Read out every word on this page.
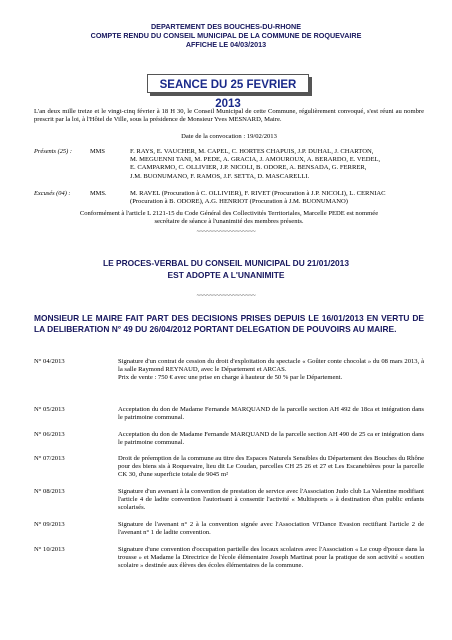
DEPARTEMENT DES BOUCHES-DU-RHONE
COMPTE RENDU DU CONSEIL MUNICIPAL DE LA COMMUNE DE ROQUEVAIRE
AFFICHE LE 04/03/2013
SEANCE DU 25 FEVRIER 2013
L'an deux mille treize et le vingt-cinq février à 18 H 30, le Conseil Municipal de cette Commune, régulièrement convoqué, s'est réuni au nombre prescrit par la loi, à l'Hôtel de Ville, sous la présidence de Monsieur Yves MESNARD, Maire.
Date de la convocation : 19/02/2013
Présents (25) :	MMS	F. RAYS, E. VAUCHER, M. CAPEL, C. HORTES CHAPUIS, J.P. DUHAL, J. CHARTON,
M. MEGUENNI TANI, M. PEDE, A. GRACIA, J. AMOUROUX, A. BERARDO, E. VEDEL,
E. CAMPARMO, C. OLLIVIER, J.P. NICOLI, B. ODORE, A. BENSADA, G. FERRER,
J.M. BUONUMANO, F. RAMOS, J.F. SETTA, D. MASCARELLI.
Excusés (04) :	MMS.	M. RAVEL (Procuration à C. OLLIVIER), F. RIVET (Procuration à J.P. NICOLI), L. CERNIAC
(Procuration à B. ODORE), A.G. HENRIOT (Procuration à J.M. BUONUMANO)
Conformément à l'article L 2121-15 du Code Général des Collectivités Territoriales, Marcelle PEDE est nommée
secrétaire de séance à l'unanimité des membres présents.
~~~~~~~~~~~~~~~~~~
LE PROCES-VERBAL DU CONSEIL MUNICIPAL DU 21/01/2013
EST ADOPTE A L'UNANIMITE
~~~~~~~~~~~~~~~~~~
MONSIEUR LE MAIRE FAIT PART DES DECISIONS PRISES DEPUIS LE 16/01/2013 EN VERTU DE LA DELIBERATION N° 49 DU 26/04/2012 PORTANT DELEGATION DE POUVOIRS AU MAIRE.
N° 04/2013	Signature d'un contrat de cession du droit d'exploitation du spectacle « Goûter conte chocolat » du 08 mars 2013, à la salle Raymond REYNAUD, avec le Département et ARCAS.
Prix de vente : 750 € avec une prise en charge à hauteur de 50 % par le Département.
N° 05/2013	Acceptation du don de Madame Fernande MARQUAND de la parcelle section AH 492 de 18ca et intégration dans le patrimoine communal.
N° 06/2013	Acceptation du don de Madame Fernande MARQUAND de la parcelle section AH 490 de 25 ca er intégration dans le patrimoine communal.
N° 07/2013	Droit de préemption de la commune au titre des Espaces Naturels Sensibles du Département des Bouches du Rhône pour des biens sis à Roquevaire, lieu dit Le Coudan, parcelles CH 25 26 et 27 et Les Escanebières pour la parcelle CK 30, d'une superficie totale de 9045 m²
N° 08/2013	Signature d'un avenant à la convention de prestation de service avec l'Association Judo club La Valentine modifiant l'article 4 de ladite convention l'autorisant à consentir l'activité « Multisports » à destination d'un public enfants scolarisés.
N° 09/2013	Signature de l'avenant n° 2 à la convention signée avec l'Association Vi'Dance Evasion rectifiant l'article 2 de l'avenant n° 1 de ladite convention.
N° 10/2013	Signature d'une convention d'occupation partielle des locaux scolaires avec l'Association « Le coup d'pouce dans la trousse » et Madame la Directrice de l'école élémentaire Joseph Martinat pour la pratique de son activité « soutien scolaire » destinée aux élèves des écoles élémentaires de la commune.
